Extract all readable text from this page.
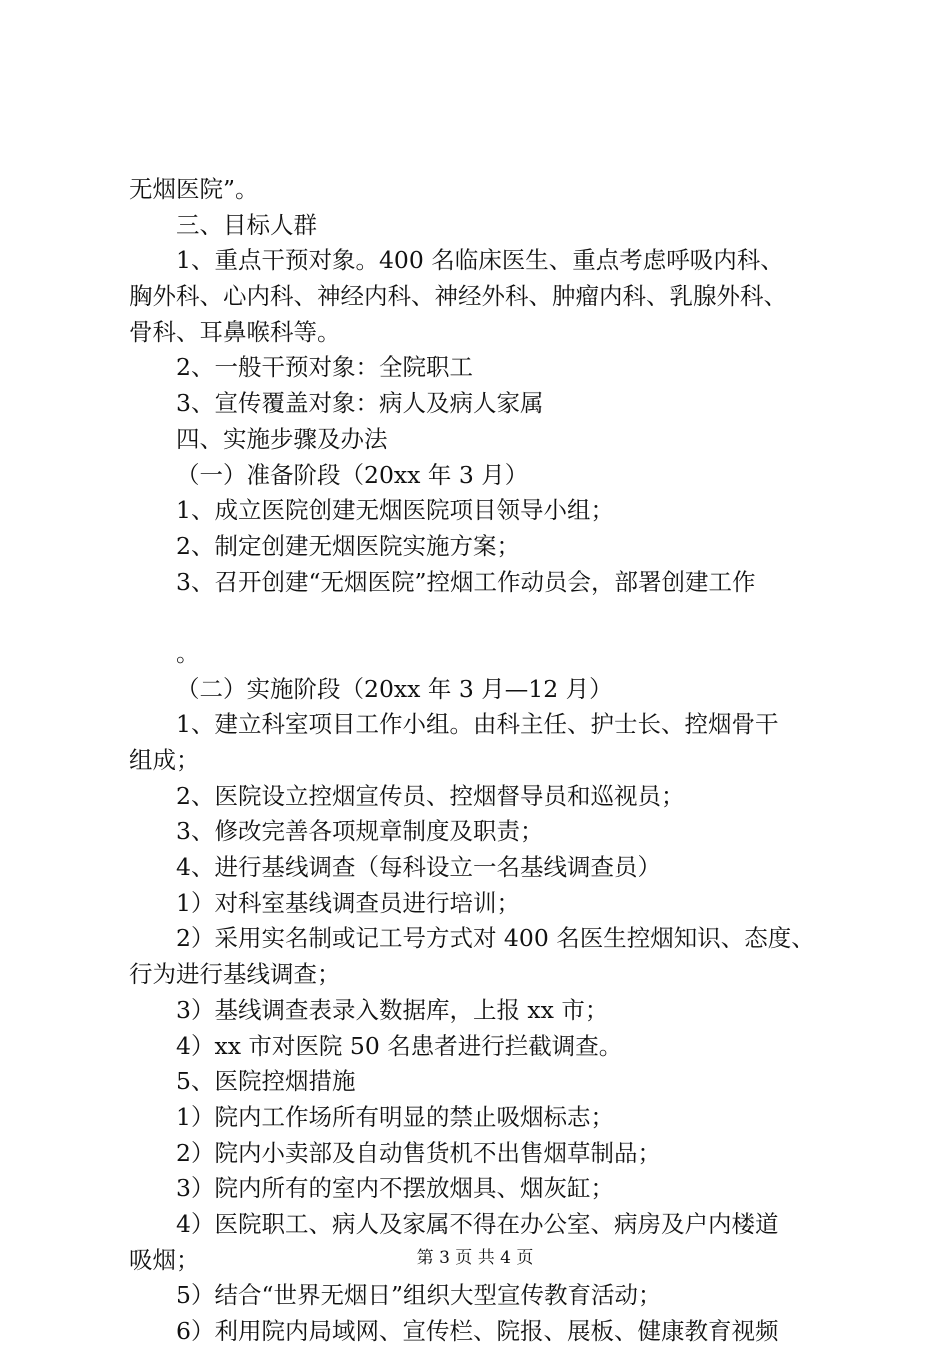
无烟医院”。
三、目标人群
1、重点干预对象。400 名临床医生、重点考虑呼吸内科、
胸外科、心内科、神经内科、神经外科、肿瘤内科、乳腺外科、
骨科、耳鼻喉科等。
2、一般干预对象：全院职工
3、宣传覆盖对象：病人及病人家属
四、实施步骤及办法
（一）准备阶段（20xx 年 3 月）
1、成立医院创建无烟医院项目领导小组；
2、制定创建无烟医院实施方案；
3、召开创建“无烟医院”控烟工作动员会，部署创建工作
。
（二）实施阶段（20xx 年 3 月—12 月）
1、建立科室项目工作小组。由科主任、护士长、控烟骨干
组成；
2、医院设立控烟宣传员、控烟督导员和巡视员；
3、修改完善各项规章制度及职责；
4、进行基线调查（每科设立一名基线调查员）
1）对科室基线调查员进行培训；
2）采用实名制或记工号方式对 400 名医生控烟知识、态度、
行为进行基线调查；
3）基线调查表录入数据库，上报 xx 市；
4）xx 市对医院 50 名患者进行拦截调查。
5、医院控烟措施
1）院内工作场所有明显的禁止吸烟标志；
2）院内小卖部及自动售货机不出售烟草制品；
3）院内所有的室内不摆放烟具、烟灰缸；
4）医院职工、病人及家属不得在办公室、病房及户内楼道
吸烟；
5）结合“世界无烟日”组织大型宣传教育活动；
6）利用院内局域网、宣传栏、院报、展板、健康教育视频
第 3 页 共 4 页
